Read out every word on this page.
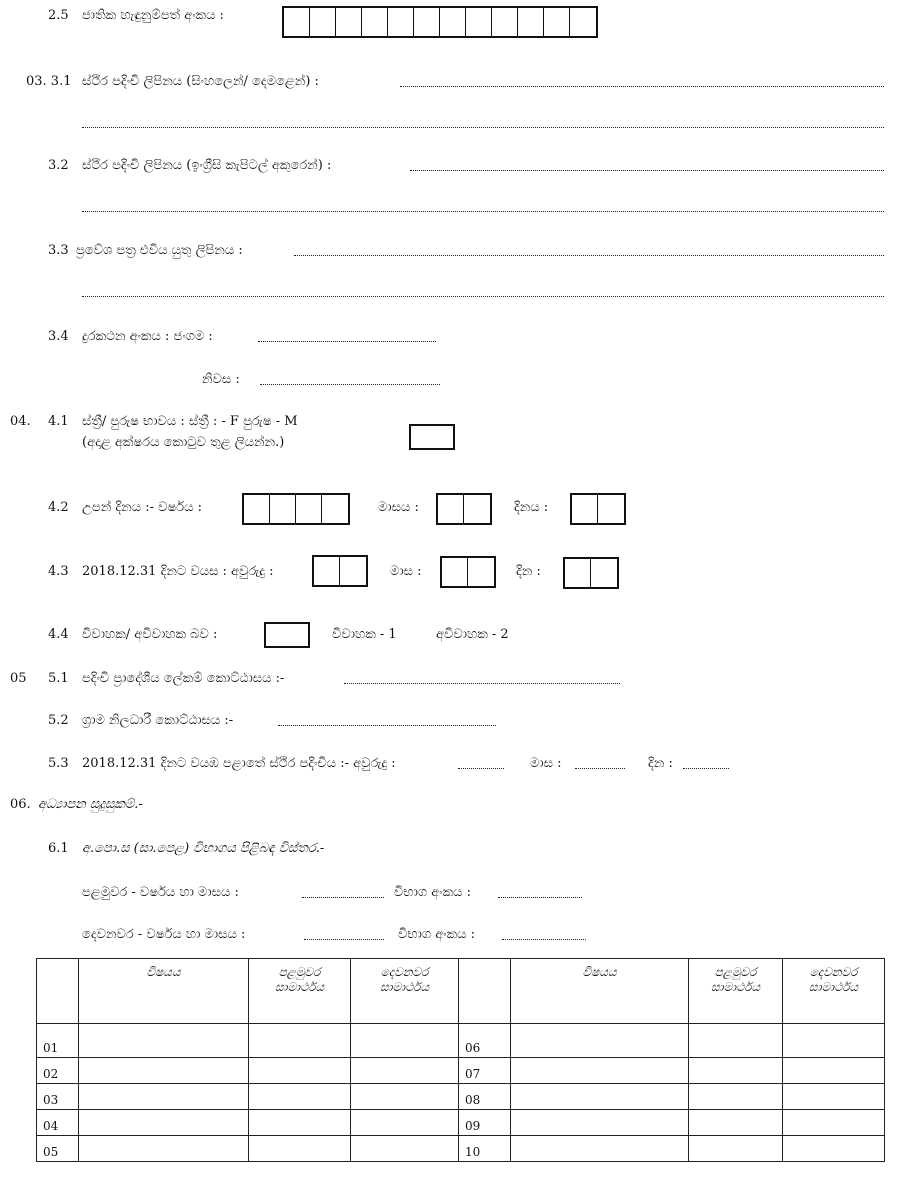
2.5 ජාතික හැඳුනුම්පත් අංකය :
03. 3.1 ස්ථිර පදිංචි ලිපිනය (සිංහලෙන්/ දෙමළෙන්) :
3.2 ස්ථිර පදිංචි ලිපිනය (ඉංග්‍රීසි කැපිටල් අකුරෙන්) :
3.3 ප්‍රවේශ පත්‍ර එවිය යුතු ලිපිනය :
3.4 දුරකථන අංකය : ජංගම :
නිවස :
04. 4.1 ස්ත්‍රී/ පුරුෂ භාවය : ස්ත්‍රී : - F පුරුෂ - M
(අදාළ අක්ෂරය කොටුව තුළ ලියන්න.)
4.2 උපන් දිනය :- වර්ෂය :	මාසය :	දිනය :
4.3 2018.12.31 දිනට වයස : අවුරුදු :	මාස :	දින :
4.4 විවාහක/ අවිවාහක බව :	විවාහක - 1	අවිවාහක - 2
05 5.1 පදිංචි ප්‍රාදේශීය ලේකම් කොට්ඨාසය :-
5.2 ග්‍රාම නිලධාරී කොට්ඨාසය :-
5.3 2018.12.31 දිනට වයඹ පළාතේ ස්ථිර පදිංචිය :- අවුරුදු :	මාස :	දින :
06. අධ්‍යාපන සුදුසුකම්.-
6.1 අ.පො.ස (සා.පෙළ) විභාගය පිළිබඳ විස්තර.-
පළමුවර - වර්ෂය හා මාසය :	විභාග අංකය :
දෙවනවර - වර්ෂය හා මාසය :	විභාග අංකය :
	විෂයය	පළමුවර සාමාර්ථය	දෙවනවර සාමාර්ථය		විෂයය	පළමුවර සාමාර්ථය	දෙවනවර සාමාර්ථය
01				06			
02				07			
03				08			
04				09			
05				10			
